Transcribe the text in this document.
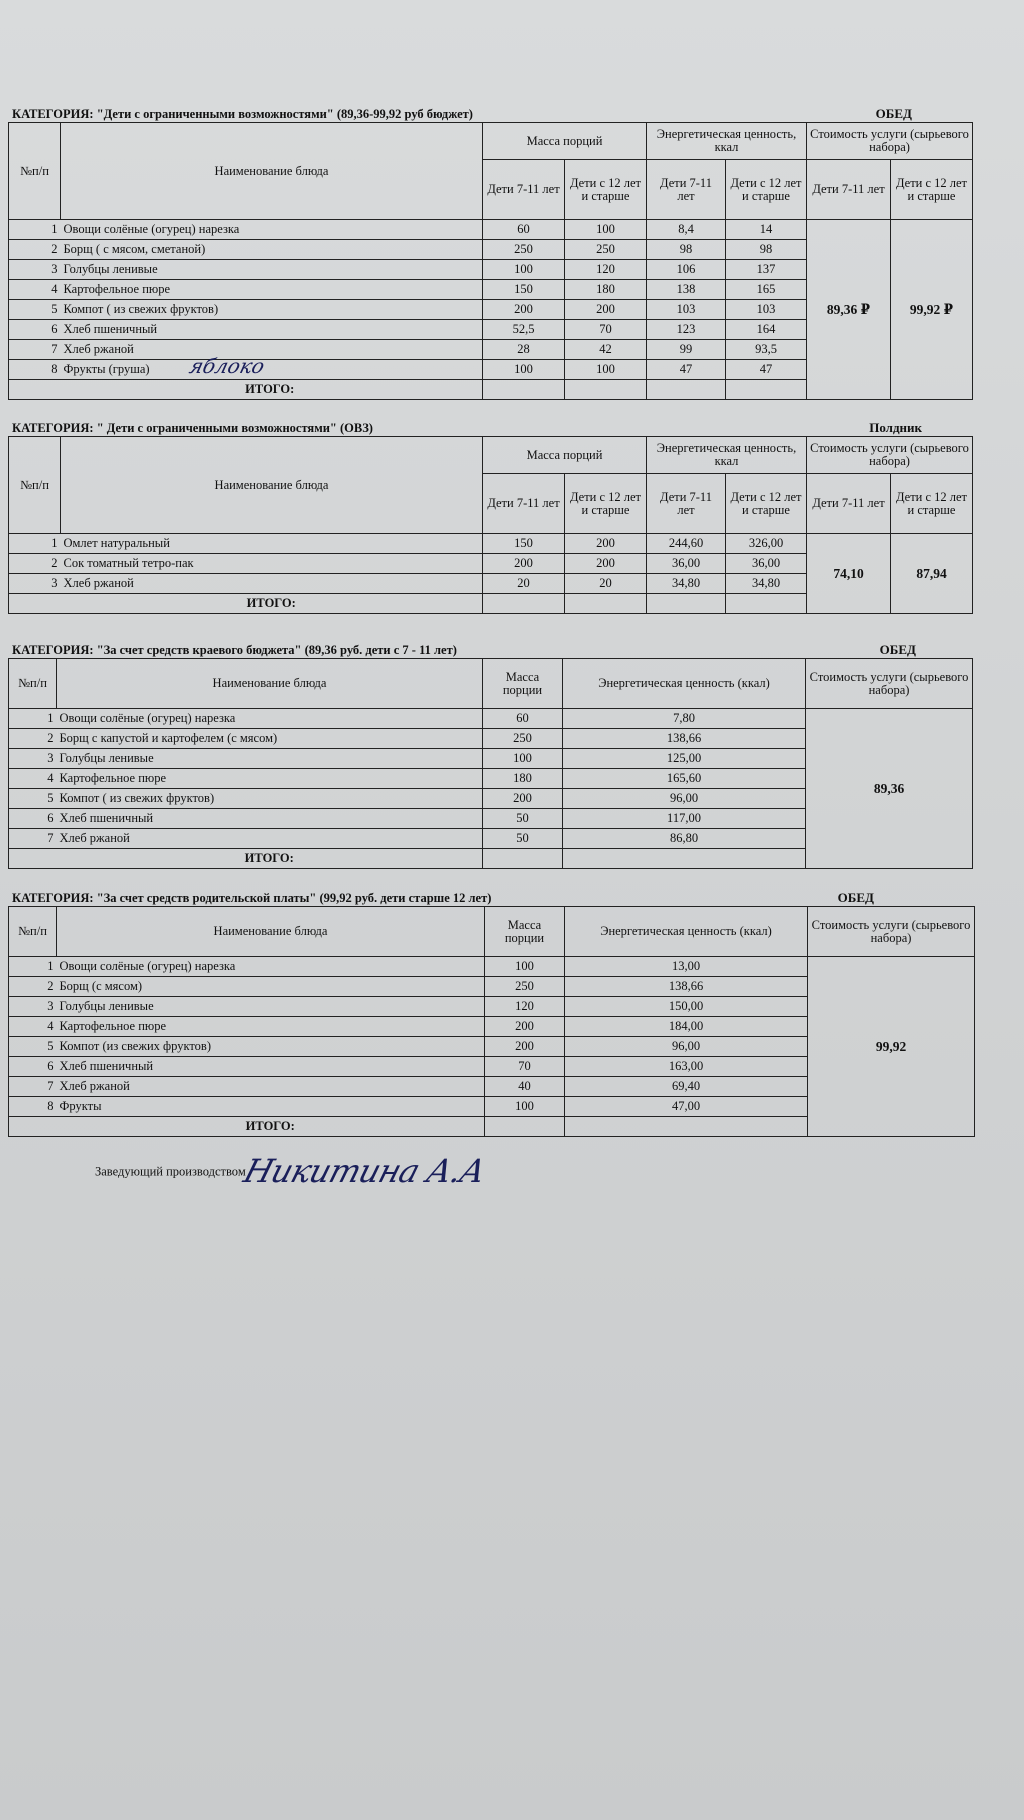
КАТЕГОРИЯ: "Дети с ограниченными возможностями" (89,36-99,92 руб бюджет)	ОБЕД
№п/п	Наименование блюда	Масса порций		Энергетическая ценность, ккал		Стоимость услуги (сырьевого набора)	
		Дети 7-11 лет	Дети с 12 лет и старше	Дети 7-11 лет	Дети с 12 лет и старше	Дети 7-11 лет	Дети с 12 лет и старше
1	Овощи солёные (огурец) нарезка	60	100	8,4	14	89,36 ₽	99,92 ₽
2	Борщ ( с мясом, сметаной)	250	250	98	98		
3	Голубцы ленивые	100	120	106	137		
4	Картофельное пюре	150	180	138	165		
5	Компот ( из свежих фруктов)	200	200	103	103		
6	Хлеб пшеничный	52,5	70	123	164		
7	Хлеб ржаной	28	42	99	93,5		
8	Фрукты (груша) яблоко	100	100	47	47		
	ИТОГО:						
КАТЕГОРИЯ: " Дети с ограниченными возможностями" (ОВЗ)	Полдник
№п/п	Наименование блюда	Масса порций		Энергетическая ценность, ккал		Стоимость услуги (сырьевого набора)	
		Дети 7-11 лет	Дети с 12 лет и старше	Дети 7-11 лет	Дети с 12 лет и старше	Дети 7-11 лет	Дети с 12 лет и старше
1	Омлет натуральный	150	200	244,60	326,00	74,10	87,94
2	Сок томатный тетро-пак	200	200	36,00	36,00		
3	Хлеб ржаной	20	20	34,80	34,80		
	ИТОГО:						
КАТЕГОРИЯ: "За счет средств краевого бюджета" (89,36 руб. дети с 7 - 11 лет)	ОБЕД
№п/п	Наименование блюда	Масса порции	Энергетическая ценность (ккал)	Стоимость услуги (сырьевого набора)
1	Овощи солёные (огурец) нарезка	60	7,80	89,36
2	Борщ с капустой и картофелем (с мясом)	250	138,66	
3	Голубцы ленивые	100	125,00	
4	Картофельное пюре	180	165,60	
5	Компот ( из свежих фруктов)	200	96,00	
6	Хлеб пшеничный	50	117,00	
7	Хлеб ржаной	50	86,80	
	ИТОГО:			
КАТЕГОРИЯ: "За счет средств родительской платы" (99,92 руб. дети старше 12 лет)	ОБЕД
№п/п	Наименование блюда	Масса порции	Энергетическая ценность (ккал)	Стоимость услуги (сырьевого набора)
1	Овощи солёные (огурец) нарезка	100	13,00	99,92
2	Борщ (с мясом)	250	138,66	
3	Голубцы ленивые	120	150,00	
4	Картофельное пюре	200	184,00	
5	Компот (из свежих фруктов)	200	96,00	
6	Хлеб пшеничный	70	163,00	
7	Хлеб ржаной	40	69,40	
8	Фрукты	100	47,00	
	ИТОГО:			
Заведующий производством
Никитина А.А
